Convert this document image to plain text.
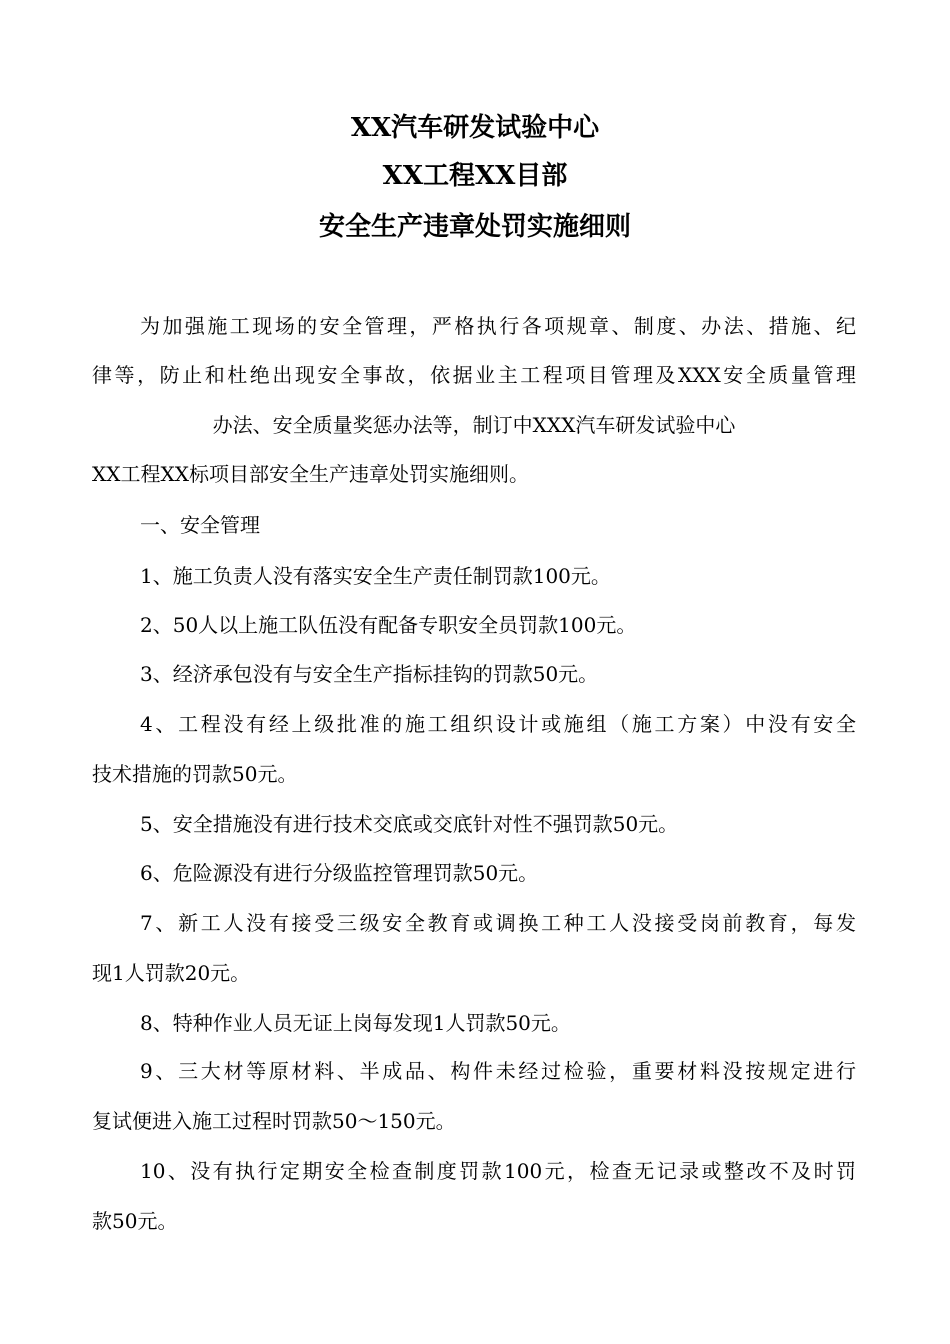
XX汽车研发试验中心
XX工程XX目部
安全生产违章处罚实施细则
为加强施工现场的安全管理，严格执行各项规章、制度、办法、措施、纪
律等，防止和杜绝出现安全事故，依据业主工程项目管理及XXX安全质量管理
办法、安全质量奖惩办法等，制订中XXX汽车研发试验中心
XX工程XX标项目部安全生产违章处罚实施细则。
一、安全管理
1、施工负责人没有落实安全生产责任制罚款100元。
2、50人以上施工队伍没有配备专职安全员罚款100元。
3、经济承包没有与安全生产指标挂钩的罚款50元。
4、工程没有经上级批准的施工组织设计或施组（施工方案）中没有安全
技术措施的罚款50元。
5、安全措施没有进行技术交底或交底针对性不强罚款50元。
6、危险源没有进行分级监控管理罚款50元。
7、新工人没有接受三级安全教育或调换工种工人没接受岗前教育，每发
现1人罚款20元。
8、特种作业人员无证上岗每发现1人罚款50元。
9、三大材等原材料、半成品、构件未经过检验，重要材料没按规定进行
复试便进入施工过程时罚款50～150元。
10、没有执行定期安全检查制度罚款100元，检查无记录或整改不及时罚
款50元。
